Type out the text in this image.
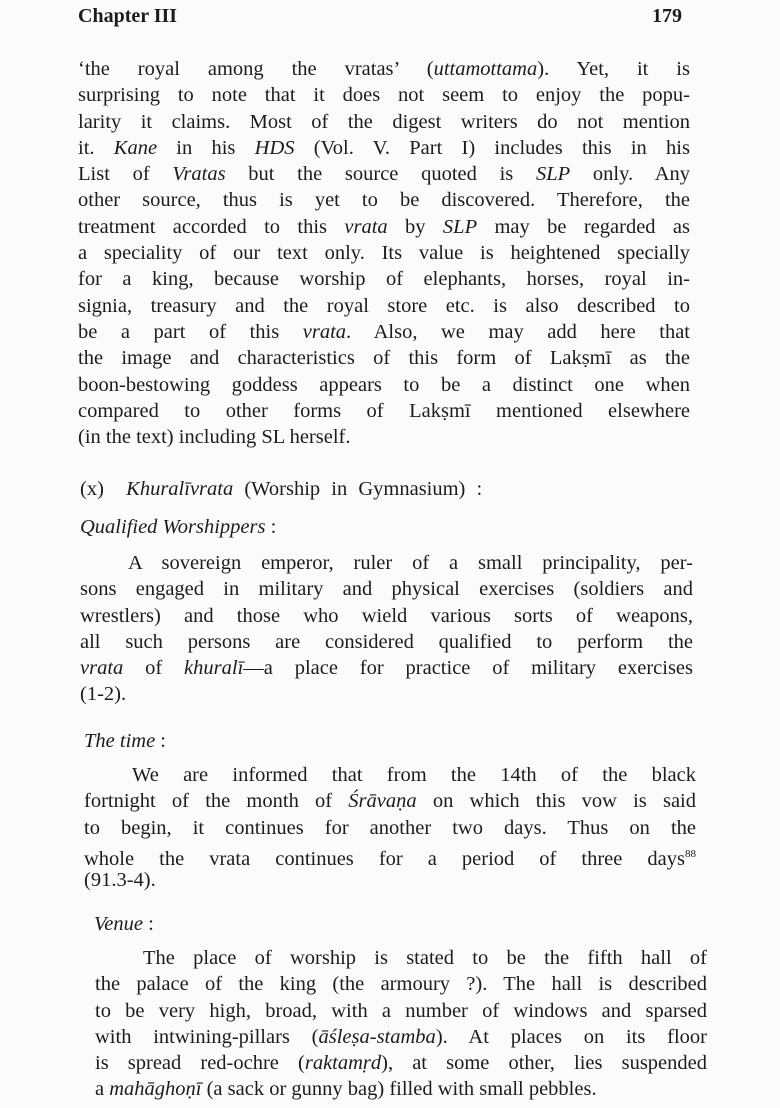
Chapter III	179
‘the royal among the vratas’ (uttamottama). Yet, it is
surprising to note that it does not seem to enjoy the popu-
larity it claims. Most of the digest writers do not mention
it. Kane in his HDS (Vol. V. Part I) includes this in his
List of Vratas but the source quoted is SLP only. Any
other source, thus is yet to be discovered. Therefore, the
treatment accorded to this vrata by SLP may be regarded as
a speciality of our text only. Its value is heightened specially
for a king, because worship of elephants, horses, royal in-
signia, treasury and the royal store etc. is also described to
be a part of this vrata. Also, we may add here that
the image and characteristics of this form of Lakṣmī as the
boon-bestowing goddess appears to be a distinct one when
compared to other forms of Lakṣmī mentioned elsewhere
(in the text) including SL herself.
(x) Khuralīvrata (Worship in Gymnasium) :
Qualified Worshippers :
A sovereign emperor, ruler of a small principality, per-
sons engaged in military and physical exercises (soldiers and
wrestlers) and those who wield various sorts of weapons,
all such persons are considered qualified to perform the
vrata of khuralī—a place for practice of military exercises
(1-2).
The time :
We are informed that from the 14th of the black
fortnight of the month of Śrāvaṇa on which this vow is said
to begin, it continues for another two days. Thus on the
whole the vrata continues for a period of three days$^{88}$
(91.3-4).
Venue :
The place of worship is stated to be the fifth hall of
the palace of the king (the armoury ?). The hall is described
to be very high, broad, with a number of windows and sparsed
with intwining-pillars (āśleṣa-stamba). At places on its floor
is spread red-ochre (raktamṛd), at some other, lies suspended
a mahāghoṇī (a sack or gunny bag) filled with small pebbles.
